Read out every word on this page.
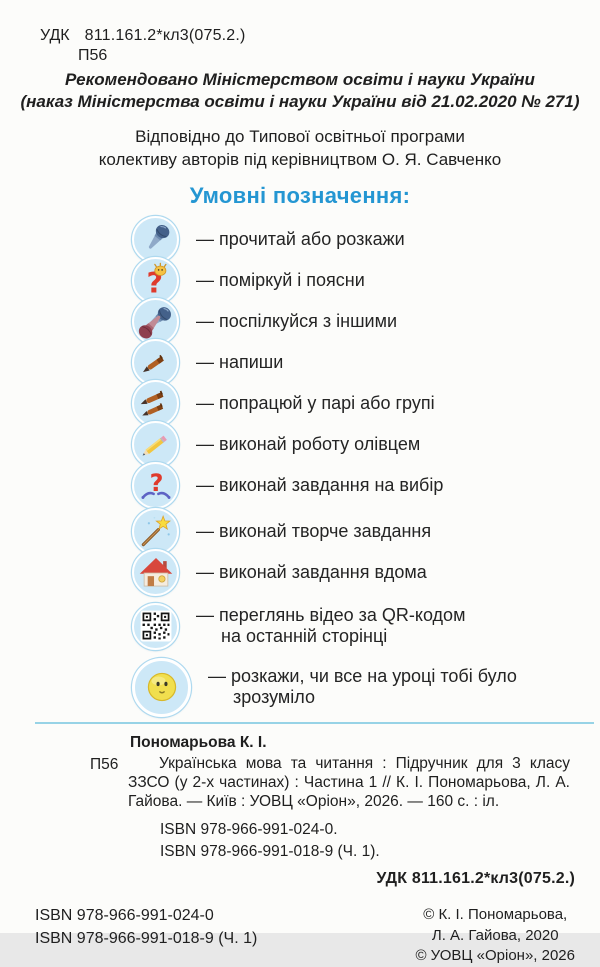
УДК 811.161.2*кл3(075.2.)
П56
Рекомендовано Міністерством освіти і науки України
(наказ Міністерства освіти і науки України від 21.02.2020 № 271)
Відповідно до Типової освітньої програми
колективу авторів під керівництвом О. Я. Савченко
Умовні позначення:
— прочитай або розкажи
— поміркуй і поясни
— поспілкуйся з іншими
— напиши
— попрацюй у парі або групі
— виконай роботу олівцем
— виконай завдання на вибір
— виконай творче завдання
— виконай завдання вдома
— переглянь відео за QR-кодом
на останній сторінці
— розкажи, чи все на уроці тобі було
зрозуміло
Пономарьова К. І.
П56	Українська мова та читання : Підручник для 3 класу ЗЗСО (у 2-х частинах) : Частина 1 // К. І. Пономарьова, Л. А. Гайова. — Київ : УОВЦ «Оріон», 2026. — 160 с. : іл.

ISBN 978-966-991-024-0.
ISBN 978-966-991-018-9 (Ч. 1).
УДК 811.161.2*кл3(075.2.)
ISBN 978-966-991-024-0
ISBN 978-966-991-018-9 (Ч. 1)
© К. І. Пономарьова,
Л. А. Гайова, 2020
© УОВЦ «Оріон», 2026
